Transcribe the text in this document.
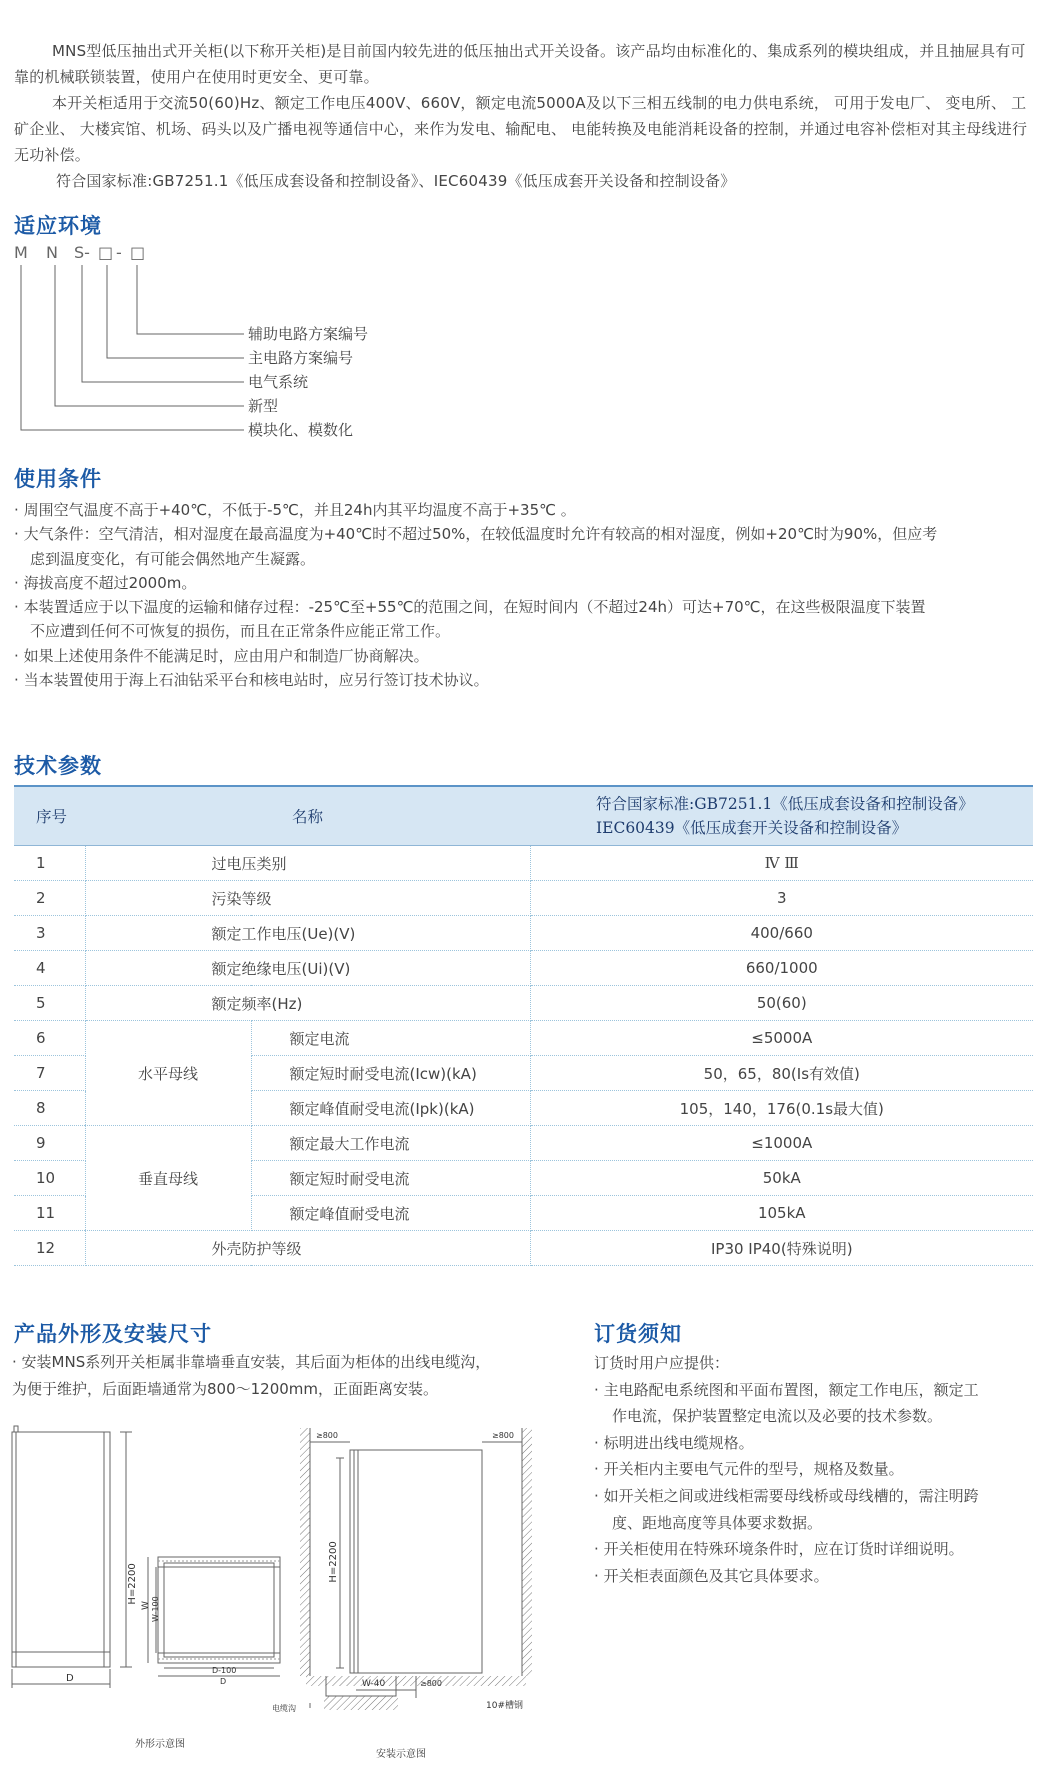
MNS型低压抽出式开关柜(以下称开关柜)是目前国内较先进的低压抽出式开关设备。该产品均由标准化的、集成系列的模块组成，并且抽屉具有可靠的机械联锁装置，使用户在使用时更安全、更可靠。

本开关柜适用于交流50(60)Hz、额定工作电压400V、660V，额定电流5000A及以下三相五线制的电力供电系统， 可用于发电厂、 变电所、 工矿企业、 大楼宾馆、机场、码头以及广播电视等通信中心，来作为发电、输配电、 电能转换及电能消耗设备的控制，并通过电容补偿柜对其主母线进行无功补偿。

符合国家标准:GB7251.1《低压成套设备和控制设备》、IEC60439《低压成套开关设备和控制设备》

适应环境
M N S- □ - □
辅助电路方案编号
主电路方案编号
电气系统
新型
模块化、模数化
使用条件
· 周围空气温度不高于+40℃，不低于-5℃，并且24h内其平均温度不高于+35℃ 。
· 大气条件：空气清洁，相对湿度在最高温度为+40℃时不超过50%，在较低温度时允许有较高的相对湿度，例如+20℃时为90%，但应考
虑到温度变化，有可能会偶然地产生凝露。
· 海拔高度不超过2000m。
· 本装置适应于以下温度的运输和储存过程：-25℃至+55℃的范围之间，在短时间内（不超过24h）可达+70℃，在这些极限温度下装置
不应遭到任何不可恢复的损伤，而且在正常条件应能正常工作。
· 如果上述使用条件不能满足时，应由用户和制造厂协商解决。
· 当本装置使用于海上石油钻采平台和核电站时，应另行签订技术协议。
技术参数
序号	名称		符合国家标准:GB7251.1《低压成套设备和控制设备》
IEC60439《低压成套开关设备和控制设备》

1	过电压类别		Ⅳ Ⅲ
2	污染等级		3
3	额定工作电压(Ue)(V)		400/660
4	额定绝缘电压(Ui)(V)		660/1000
5	额定频率(Hz)		50(60)
6	水平母线	额定电流	≤5000A
7		额定短时耐受电流(Icw)(kA)	50，65，80(Is有效值)
8		额定峰值耐受电流(Ipk)(kA)	105，140，176(0.1s最大值)
9	垂直母线	额定最大工作电流	≤1000A
10		额定短时耐受电流	50kA
11		额定峰值耐受电流	105kA
12	外壳防护等级		IP30 IP40(特殊说明)
产品外形及安装尺寸
· 安装MNS系列开关柜属非靠墙垂直安装，其后面为柜体的出线电缆沟，
为便于维护，后面距墙通常为800～1200mm，正面距离安装。
H=2200
D
W W-100
D-100
D
外形示意图
≥800	≥800
H=2200
W-40	≥800
电缆沟	10#槽钢
安装示意图
订货须知
订货时用户应提供：
· 主电路配电系统图和平面布置图，额定工作电压，额定工
作电流，保护装置整定电流以及必要的技术参数。
· 标明进出线电缆规格。
· 开关柜内主要电气元件的型号，规格及数量。
· 如开关柜之间或进线柜需要母线桥或母线槽的，需注明跨
度、距地高度等具体要求数据。
· 开关柜使用在特殊环境条件时，应在订货时详细说明。
· 开关柜表面颜色及其它具体要求。
